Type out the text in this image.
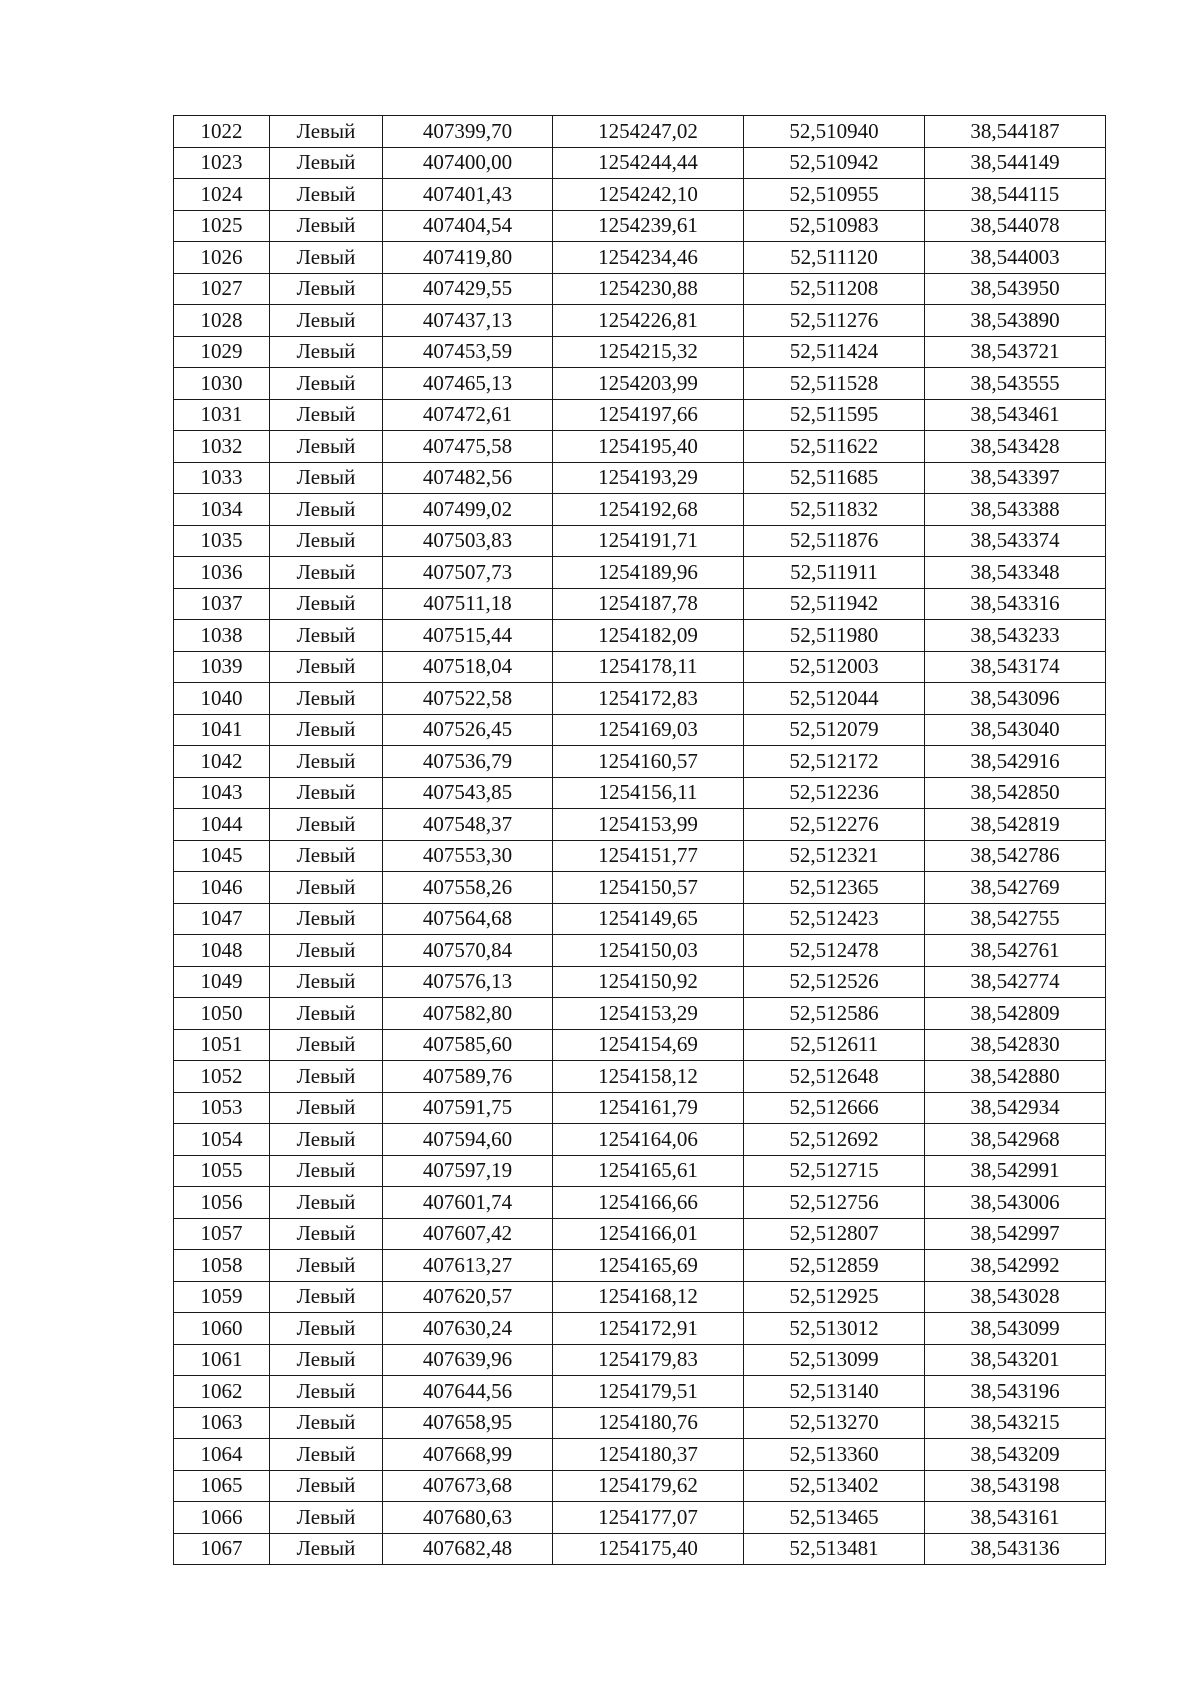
1022	Левый	407399,70	1254247,02	52,510940	38,544187
1023	Левый	407400,00	1254244,44	52,510942	38,544149
1024	Левый	407401,43	1254242,10	52,510955	38,544115
1025	Левый	407404,54	1254239,61	52,510983	38,544078
1026	Левый	407419,80	1254234,46	52,511120	38,544003
1027	Левый	407429,55	1254230,88	52,511208	38,543950
1028	Левый	407437,13	1254226,81	52,511276	38,543890
1029	Левый	407453,59	1254215,32	52,511424	38,543721
1030	Левый	407465,13	1254203,99	52,511528	38,543555
1031	Левый	407472,61	1254197,66	52,511595	38,543461
1032	Левый	407475,58	1254195,40	52,511622	38,543428
1033	Левый	407482,56	1254193,29	52,511685	38,543397
1034	Левый	407499,02	1254192,68	52,511832	38,543388
1035	Левый	407503,83	1254191,71	52,511876	38,543374
1036	Левый	407507,73	1254189,96	52,511911	38,543348
1037	Левый	407511,18	1254187,78	52,511942	38,543316
1038	Левый	407515,44	1254182,09	52,511980	38,543233
1039	Левый	407518,04	1254178,11	52,512003	38,543174
1040	Левый	407522,58	1254172,83	52,512044	38,543096
1041	Левый	407526,45	1254169,03	52,512079	38,543040
1042	Левый	407536,79	1254160,57	52,512172	38,542916
1043	Левый	407543,85	1254156,11	52,512236	38,542850
1044	Левый	407548,37	1254153,99	52,512276	38,542819
1045	Левый	407553,30	1254151,77	52,512321	38,542786
1046	Левый	407558,26	1254150,57	52,512365	38,542769
1047	Левый	407564,68	1254149,65	52,512423	38,542755
1048	Левый	407570,84	1254150,03	52,512478	38,542761
1049	Левый	407576,13	1254150,92	52,512526	38,542774
1050	Левый	407582,80	1254153,29	52,512586	38,542809
1051	Левый	407585,60	1254154,69	52,512611	38,542830
1052	Левый	407589,76	1254158,12	52,512648	38,542880
1053	Левый	407591,75	1254161,79	52,512666	38,542934
1054	Левый	407594,60	1254164,06	52,512692	38,542968
1055	Левый	407597,19	1254165,61	52,512715	38,542991
1056	Левый	407601,74	1254166,66	52,512756	38,543006
1057	Левый	407607,42	1254166,01	52,512807	38,542997
1058	Левый	407613,27	1254165,69	52,512859	38,542992
1059	Левый	407620,57	1254168,12	52,512925	38,543028
1060	Левый	407630,24	1254172,91	52,513012	38,543099
1061	Левый	407639,96	1254179,83	52,513099	38,543201
1062	Левый	407644,56	1254179,51	52,513140	38,543196
1063	Левый	407658,95	1254180,76	52,513270	38,543215
1064	Левый	407668,99	1254180,37	52,513360	38,543209
1065	Левый	407673,68	1254179,62	52,513402	38,543198
1066	Левый	407680,63	1254177,07	52,513465	38,543161
1067	Левый	407682,48	1254175,40	52,513481	38,543136
